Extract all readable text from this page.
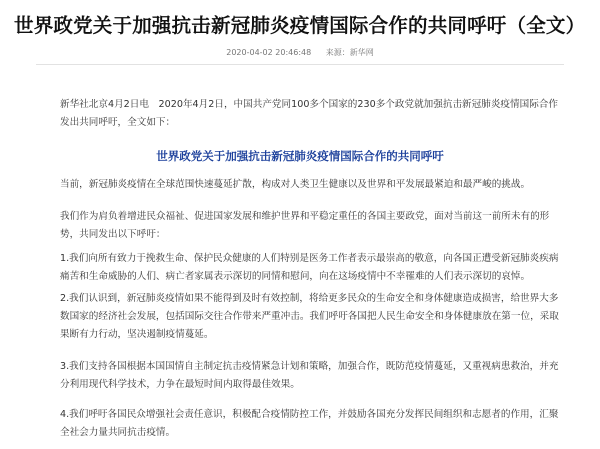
世界政党关于加强抗击新冠肺炎疫情国际合作的共同呼吁（全文）
2020-04-02 20:46:48 来源：新华网

新华社北京4月2日电　2020年4月2日，中国共产党同100多个国家的230多个政党就加强抗击新冠肺炎疫情国际合作发出共同呼吁，全文如下：

世界政党关于加强抗击新冠肺炎疫情国际合作的共同呼吁

当前，新冠肺炎疫情在全球范围快速蔓延扩散，构成对人类卫生健康以及世界和平发展最紧迫和最严峻的挑战。

我们作为肩负着增进民众福祉、促进国家发展和维护世界和平稳定重任的各国主要政党，面对当前这一前所未有的形势，共同发出以下呼吁：

1.我们向所有致力于挽救生命、保护民众健康的人们特别是医务工作者表示最崇高的敬意，向各国正遭受新冠肺炎疾病痛苦和生命威胁的人们、病亡者家属表示深切的同情和慰问，向在这场疫情中不幸罹难的人们表示深切的哀悼。

2.我们认识到，新冠肺炎疫情如果不能得到及时有效控制，将给更多民众的生命安全和身体健康造成损害，给世界大多数国家的经济社会发展，包括国际交往合作带来严重冲击。我们呼吁各国把人民生命安全和身体健康放在第一位，采取果断有力行动，坚决遏制疫情蔓延。

3.我们支持各国根据本国国情自主制定抗击疫情紧急计划和策略，加强合作，既防范疫情蔓延，又重视病患救治，并充分利用现代科学技术，力争在最短时间内取得最佳效果。

4.我们呼吁各国民众增强社会责任意识，积极配合疫情防控工作，并鼓励各国充分发挥民间组织和志愿者的作用，汇聚全社会力量共同抗击疫情。
